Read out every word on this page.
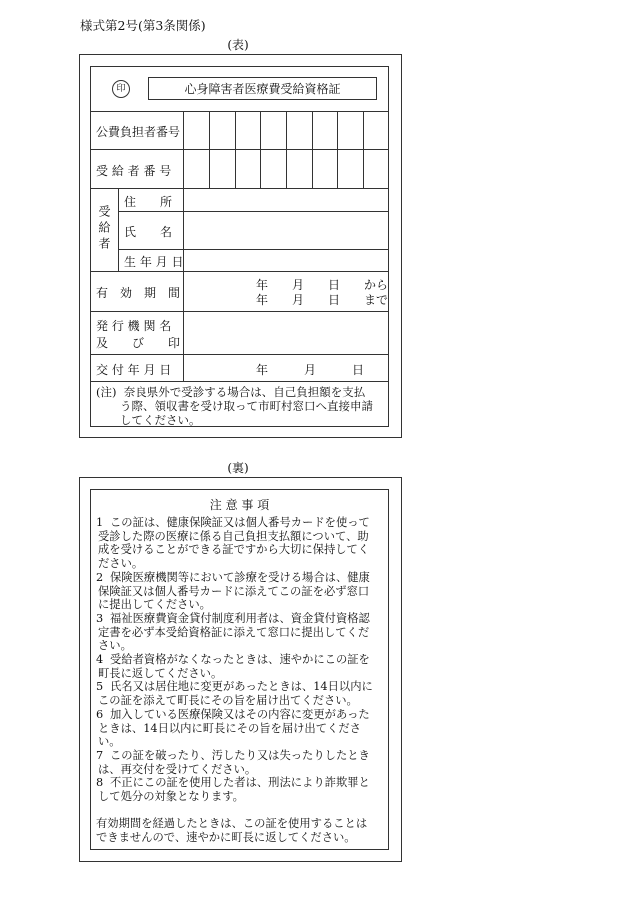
様式第2号(第3条関係)
(表)
印	心身障害者医療費受給資格証
公費負担者番号
受 給 者 番 号
受給者
住　　所
氏　　名
生 年 月 日
有　効　期　間
年　　月　　日　　から
年　　月　　日　　まで
発 行 機 関 名
及　　び　　印
交 付 年 月 日	年　　　月　　　日
(注) 奈良県外で受診する場合は、自己負担額を支払
う際、領収書を受け取って市町村窓口へ直接申請
してください。
(裏)
注 意 事 項
1 この証は、健康保険証又は個人番号カードを使って
受診した際の医療に係る自己負担支払額について、助
成を受けることができる証ですから大切に保持してく
ださい。
2 保険医療機関等において診療を受ける場合は、健康
保険証又は個人番号カードに添えてこの証を必ず窓口
に提出してください。
3 福祉医療費資金貸付制度利用者は、資金貸付資格認
定書を必ず本受給資格証に添えて窓口に提出してくだ
さい。
4 受給者資格がなくなったときは、速やかにこの証を
町長に返してください。
5 氏名又は居住地に変更があったときは、14日以内に
この証を添えて町長にその旨を届け出てください。
6 加入している医療保険又はその内容に変更があった
ときは、14日以内に町長にその旨を届け出てくださ
い。
7 この証を破ったり、汚したり又は失ったりしたとき
は、再交付を受けてください。
8 不正にこの証を使用した者は、刑法により詐欺罪と
して処分の対象となります。
有効期間を経過したときは、この証を使用することは
できませんので、速やかに町長に返してください。
